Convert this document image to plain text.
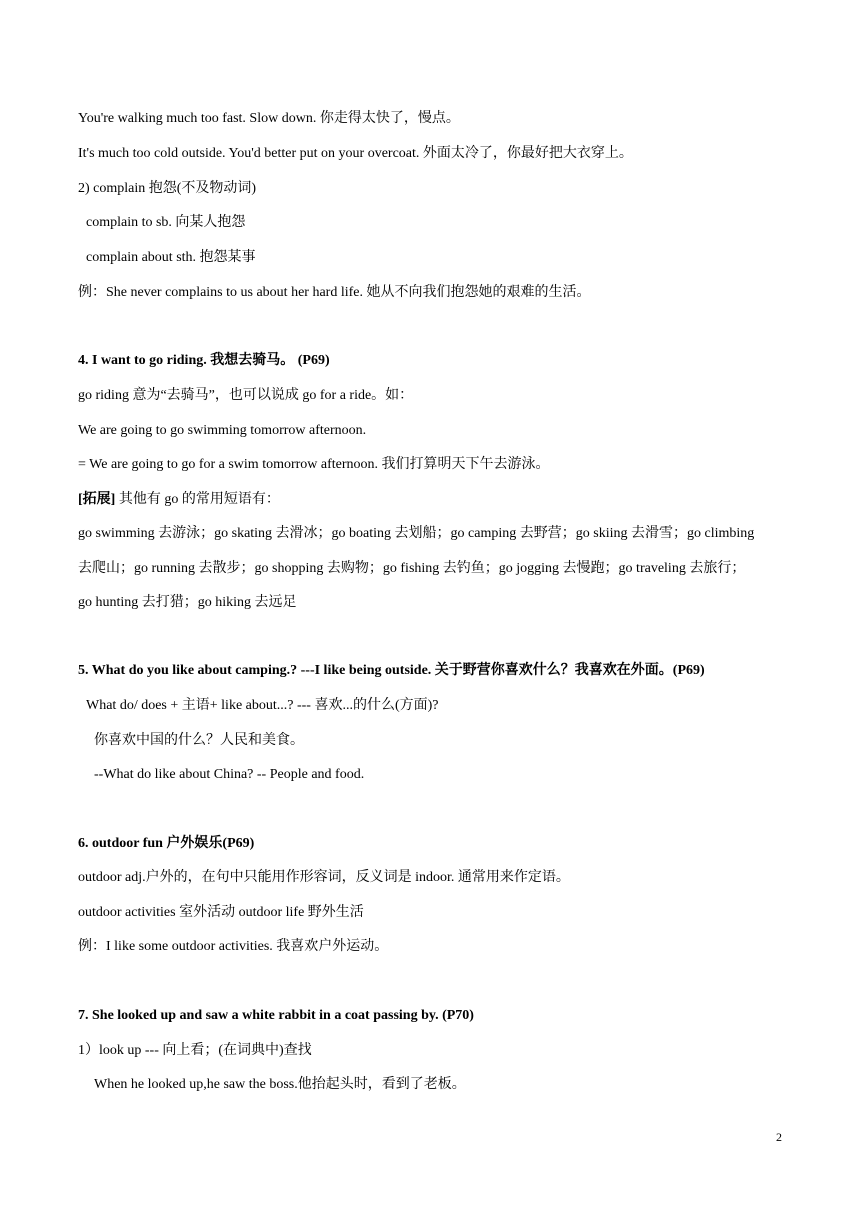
You're walking much too fast. Slow down. 你走得太快了，慢点。
It's much too cold outside. You'd better put on your overcoat. 外面太冷了，你最好把大衣穿上。
2) complain 抱怨(不及物动词)
complain to sb. 向某人抱怨
complain about sth. 抱怨某事
例：She never complains to us about her hard life. 她从不向我们抱怨她的艰难的生活。
4. I want to go riding. 我想去骑马。 (P69)
go riding 意为“去骑马”，也可以说成 go for a ride。如：
We are going to go swimming tomorrow afternoon.
= We are going to go for a swim tomorrow afternoon. 我们打算明天下午去游泳。
[拓展] 其他有 go 的常用短语有：
go swimming 去游泳；go skating 去滑冰；go boating 去划船；go camping 去野营；go skiing 去滑雪；go climbing
去爬山；go running 去散步；go shopping 去购物；go fishing 去钓鱼；go jogging 去慢跑；go traveling 去旅行；
go hunting 去打猎；go hiking 去远足
5. What do you like about camping.? ---I like being outside. 关于野营你喜欢什么？我喜欢在外面。(P69)
What do/ does + 主语+ like about...? --- 喜欢...的什么(方面)?
你喜欢中国的什么？人民和美食。
--What do like about China? -- People and food.
6. outdoor fun 户外娱乐(P69)
outdoor adj.户外的，在句中只能用作形容词，反义词是 indoor. 通常用来作定语。
outdoor activities 室外活动 outdoor life 野外生活
例：I like some outdoor activities. 我喜欢户外运动。
7. She looked up and saw a white rabbit in a coat passing by. (P70)
1）look up --- 向上看；(在词典中)查找
When he looked up,he saw the boss.他抬起头时，看到了老板。
2
